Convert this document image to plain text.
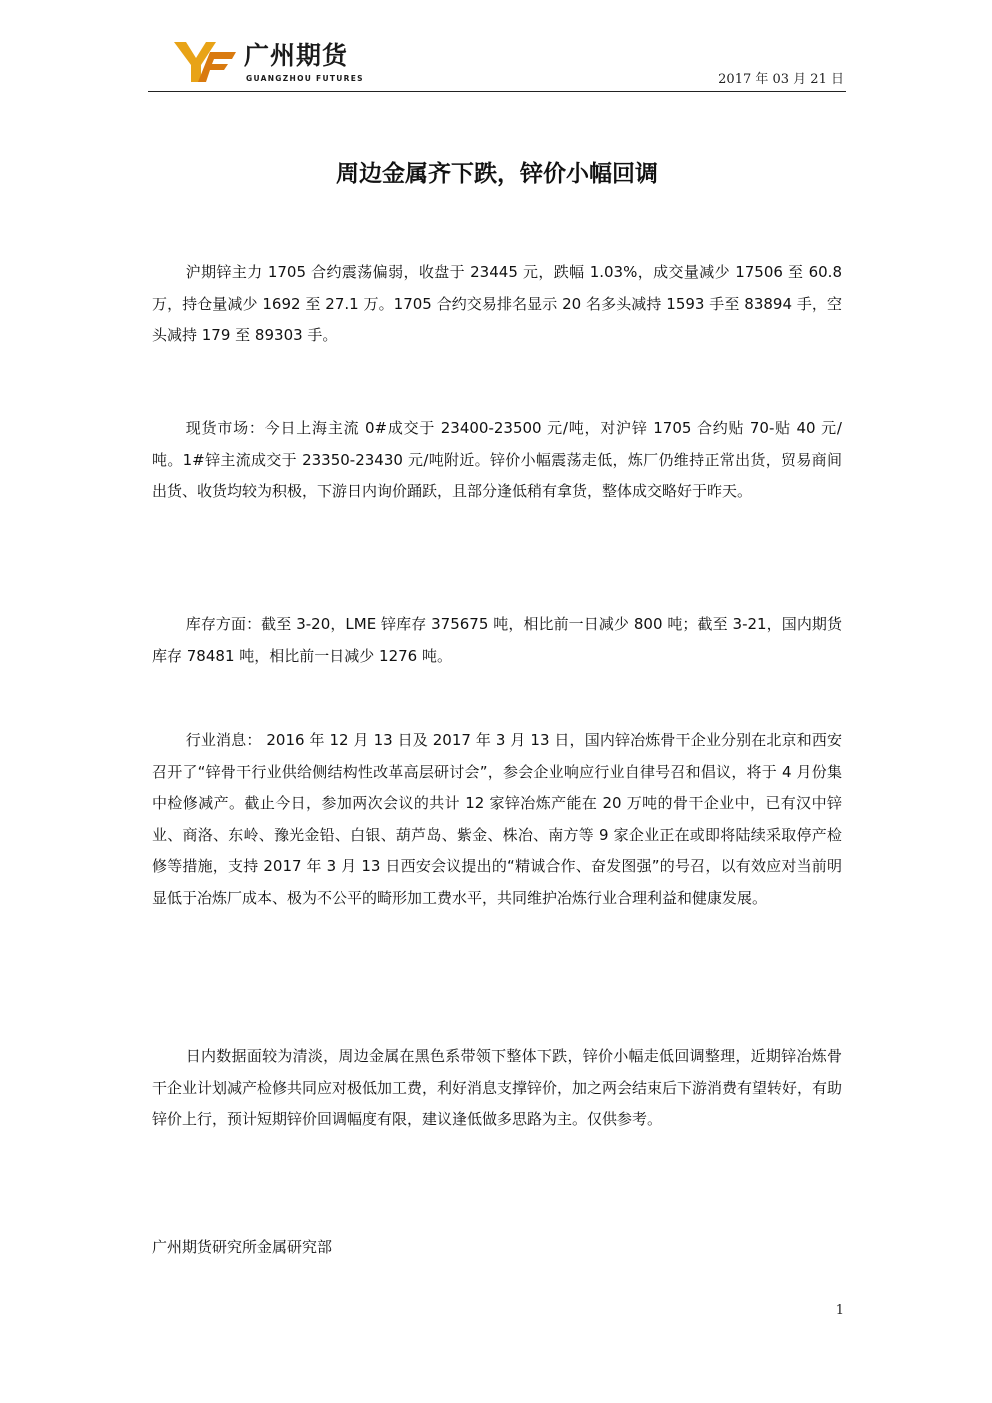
广州期货
GUANGZHOU FUTURES	2017 年 03 月 21 日
周边金属齐下跌，锌价小幅回调

沪期锌主力 1705 合约震荡偏弱，收盘于 23445 元，跌幅 1.03%，成交量减少 17506 至 60.8 万，持仓量减少 1692 至 27.1 万。1705 合约交易排名显示 20 名多头减持 1593 手至 83894 手，空头减持 179 至 89303 手。

现货市场：今日上海主流 0#成交于 23400-23500 元/吨，对沪锌 1705 合约贴 70-贴 40 元/吨。1#锌主流成交于 23350-23430 元/吨附近。锌价小幅震荡走低，炼厂仍维持正常出货，贸易商间出货、收货均较为积极，下游日内询价踊跃，且部分逢低稍有拿货，整体成交略好于昨天。

库存方面：截至 3-20，LME 锌库存 375675 吨，相比前一日减少 800 吨；截至 3-21，国内期货库存 78481 吨，相比前一日减少 1276 吨。

行业消息： 2016 年 12 月 13 日及 2017 年 3 月 13 日，国内锌冶炼骨干企业分别在北京和西安召开了“锌骨干行业供给侧结构性改革高层研讨会”，参会企业响应行业自律号召和倡议，将于 4 月份集中检修减产。截止今日，参加两次会议的共计 12 家锌冶炼产能在 20 万吨的骨干企业中，已有汉中锌业、商洛、东岭、豫光金铅、白银、葫芦岛、紫金、株冶、南方等 9 家企业正在或即将陆续采取停产检修等措施，支持 2017 年 3 月 13 日西安会议提出的“精诚合作、奋发图强”的号召，以有效应对当前明显低于冶炼厂成本、极为不公平的畸形加工费水平，共同维护冶炼行业合理利益和健康发展。

日内数据面较为清淡，周边金属在黑色系带领下整体下跌，锌价小幅走低回调整理，近期锌冶炼骨干企业计划减产检修共同应对极低加工费，利好消息支撑锌价，加之两会结束后下游消费有望转好，有助锌价上行，预计短期锌价回调幅度有限，建议逢低做多思路为主。仅供参考。

广州期货研究所金属研究部
1
